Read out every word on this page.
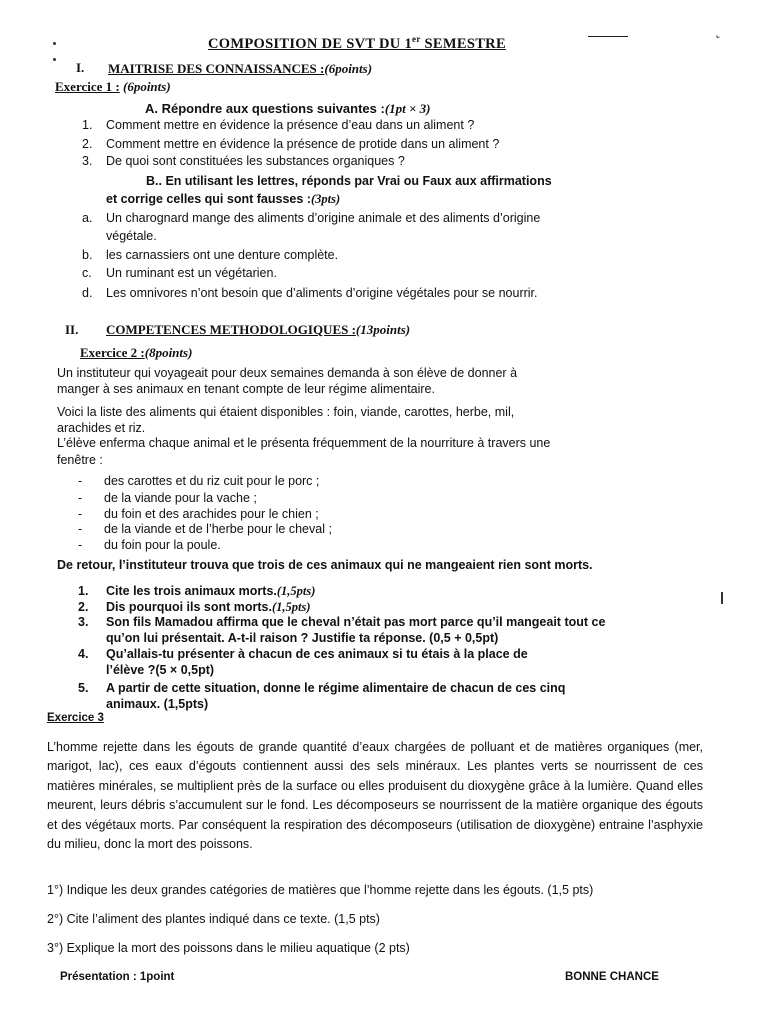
COMPOSITION DE SVT DU 1er SEMESTRE	˞
I. MAITRISE DES CONNAISSANCES :(6points)
Exercice 1 : (6points)
A. Répondre aux questions suivantes :(1pt × 3)
1. Comment mettre en évidence la présence d’eau dans un aliment ?
2. Comment mettre en évidence la présence de protide dans un aliment ?
3. De quoi sont constituées les substances organiques ?
B.. En utilisant les lettres, réponds par Vrai ou Faux aux affirmations
et corrige celles qui sont fausses :(3pts)
a. Un charognard mange des aliments d’origine animale et des aliments d’origine
végétale.
b. les carnassiers ont une denture complète.
c. Un ruminant est un végétarien.
d. Les omnivores n’ont besoin que d’aliments d’origine végétales pour se nourrir.
II. COMPETENCES METHODOLOGIQUES :(13points)
Exercice 2 :(8points)
Un instituteur qui voyageait pour deux semaines demanda à son élève de donner à
manger à ses animaux en tenant compte de leur régime alimentaire.
Voici la liste des aliments qui étaient disponibles : foin, viande, carottes, herbe, mil,
arachides et riz.
L’élève enferma chaque animal et le présenta fréquemment de la nourriture à travers une
fenêtre :
- des carottes et du riz cuit pour le porc ;
- de la viande pour la vache ;
- du foin et des arachides pour le chien ;
- de la viande et de l’herbe pour le cheval ;
- du foin pour la poule.
De retour, l’instituteur trouva que trois de ces animaux qui ne mangeaient rien sont morts.
1. Cite les trois animaux morts.(1,5pts)
2. Dis pourquoi ils sont morts.(1,5pts)
3. Son fils Mamadou affirma que le cheval n’était pas mort parce qu’il mangeait tout ce
qu’on lui présentait. A-t-il raison ? Justifie ta réponse. (0,5 + 0,5pt)
4. Qu’allais-tu présenter à chacun de ces animaux si tu étais à la place de
l’élève ?(5 × 0,5pt)
5. A partir de cette situation, donne le régime alimentaire de chacun de ces cinq
animaux. (1,5pts)
Exercice 3
L’homme rejette dans les égouts de grande quantité d’eaux chargées de polluant et de matières organiques (mer, marigot, lac), ces eaux d’égouts contiennent aussi des sels minéraux. Les plantes verts se nourrissent de ces matières minérales, se multiplient près de la surface ou elles produisent du dioxygène grâce à la lumière. Quand elles meurent, leurs débris s’accumulent sur le fond. Les décomposeurs se nourrissent de la matière organique des égouts et des végétaux morts. Par conséquent la respiration des décomposeurs (utilisation de dioxygène) entraine l’asphyxie du milieu, donc la mort des poissons.
1°) Indique les deux grandes catégories de matières que l’homme rejette dans les égouts. (1,5 pts)
2°) Cite l’aliment des plantes indiqué dans ce texte. (1,5 pts)
3°) Explique la mort des poissons dans le milieu aquatique (2 pts)
Présentation : 1point	BONNE CHANCE
